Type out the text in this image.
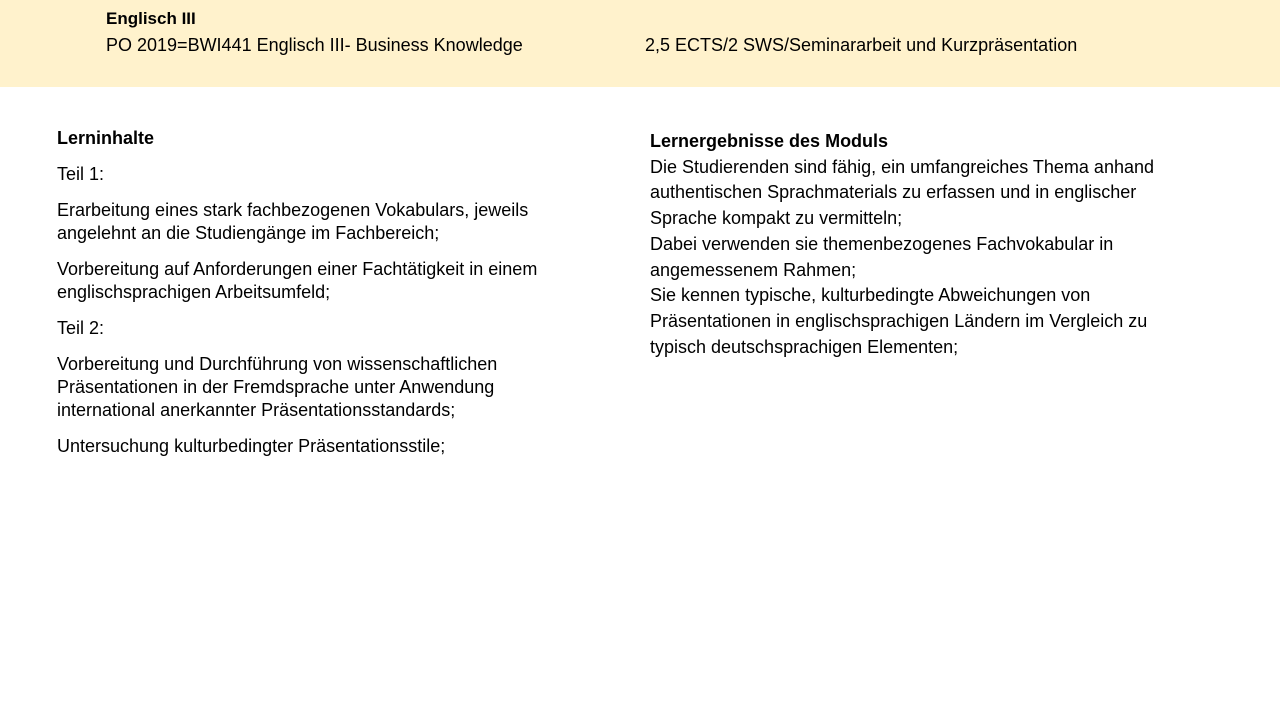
Englisch III
PO 2019=BWI441 Englisch III- Business Knowledge	2,5 ECTS/2 SWS/Seminararbeit und Kurzpräsentation

Lerninhalte

Teil 1:

Erarbeitung eines stark fachbezogenen Vokabulars, jeweils angelehnt an die Studiengänge im Fachbereich;

Vorbereitung auf Anforderungen einer Fachtätigkeit in einem englischsprachigen Arbeitsumfeld;

Teil 2:

Vorbereitung und Durchführung von wissenschaftlichen Präsentationen in der Fremdsprache unter Anwendung international anerkannter Präsentationsstandards;

Untersuchung kulturbedingter Präsentationsstile;

Lernergebnisse des Moduls

Die Studierenden sind fähig, ein umfangreiches Thema anhand authentischen Sprachmaterials zu erfassen und in englischer Sprache kompakt zu vermitteln;

Dabei verwenden sie themenbezogenes Fachvokabular in angemessenem Rahmen;

Sie kennen typische, kulturbedingte Abweichungen von Präsentationen in englischsprachigen Ländern im Vergleich zu typisch deutschsprachigen Elementen;
